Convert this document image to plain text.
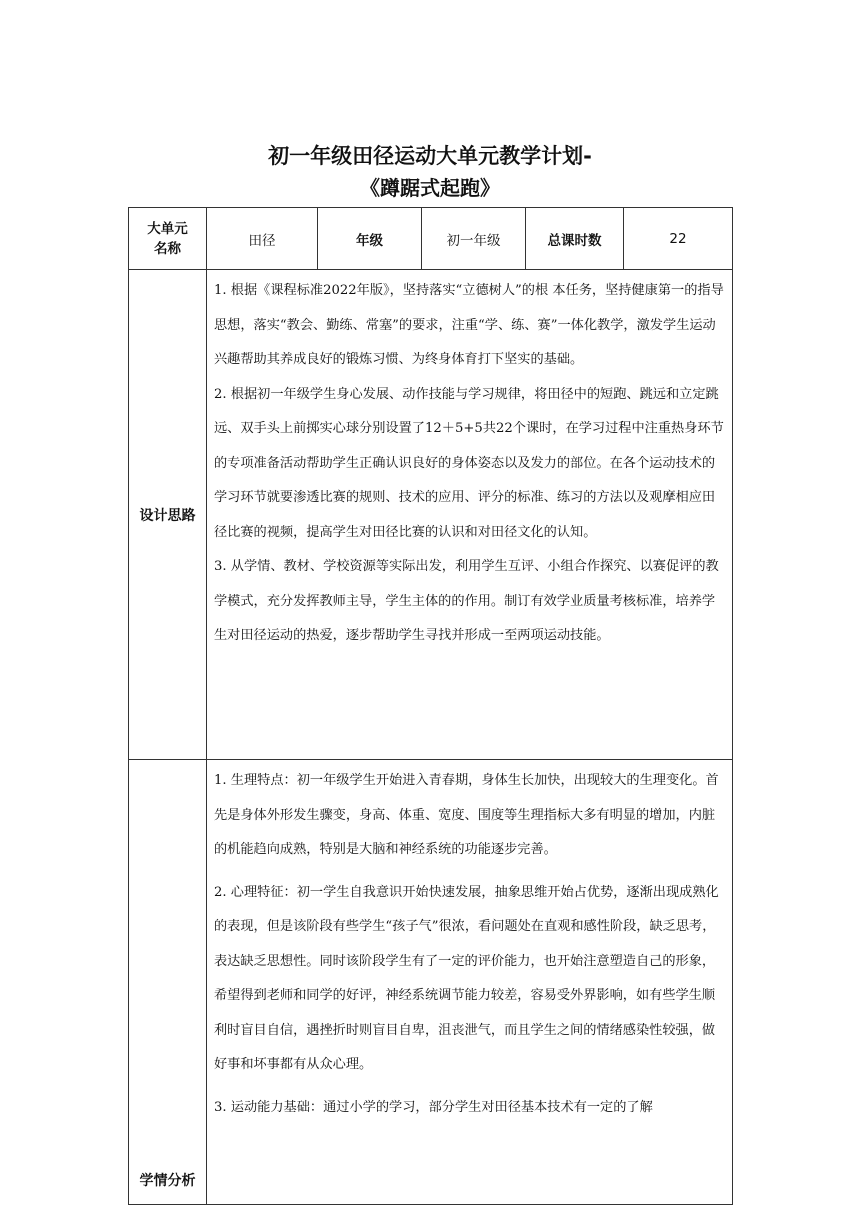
初一年级田径运动大单元教学计划-
《蹲踞式起跑》
大单元
名称	田径	年级	初一年级	总课时数	22
设计思路	1. 根据《课程标准2022年版》，坚持落实“立德树人”的根 本任务，坚持健康第一的指导思想，落实“教会、勤练、常塞”的要求，注重“学、练、赛”一体化教学，激发学生运动兴趣帮助其养成良好的锻炼习惯、为终身体育打下坚实的基础。

2. 根据初一年级学生身心发展、动作技能与学习规律，将田径中的短跑、跳远和立定跳远、双手头上前掷实心球分别设置了12＋5+5共22个课时，在学习过程中注重热身环节的专项准备活动帮助学生正确认识良好的身体姿态以及发力的部位。在各个运动技术的学习环节就要渗透比赛的规则、技术的应用、评分的标准、练习的方法以及观摩相应田径比赛的视频，提高学生对田径比赛的认识和对田径文化的认知。

3. 从学情、教材、学校资源等实际出发，利用学生互评、小组合作探究、以赛促评的教学模式，充分发挥教师主导，学生主体的的作用。制订有效学业质量考核标准，培养学生对田径运动的热爱，逐步帮助学生寻找并形成一至两项运动技能。				

学情分析	1. 生理特点：初一年级学生开始进入青春期，身体生长加快，出现较大的生理变化。首先是身体外形发生骤变，身高、体重、宽度、围度等生理指标大多有明显的增加，内脏的机能趋向成熟，特别是大脑和神经系统的功能逐步完善。

2. 心理特征：初一学生自我意识开始快速发展，抽象思维开始占优势，逐渐出现成熟化的表现，但是该阶段有些学生“孩子气”很浓，看问题处在直观和感性阶段，缺乏思考，表达缺乏思想性。同时该阶段学生有了一定的评价能力，也开始注意塑造自己的形象，希望得到老师和同学的好评，神经系统调节能力较差，容易受外界影响，如有些学生顺利时盲目自信，遇挫折时则盲目自卑，沮丧泄气，而且学生之间的情绪感染性较强，做好事和坏事都有从众心理。

3. 运动能力基础：通过小学的学习，部分学生对田径基本技术有一定的了解				
